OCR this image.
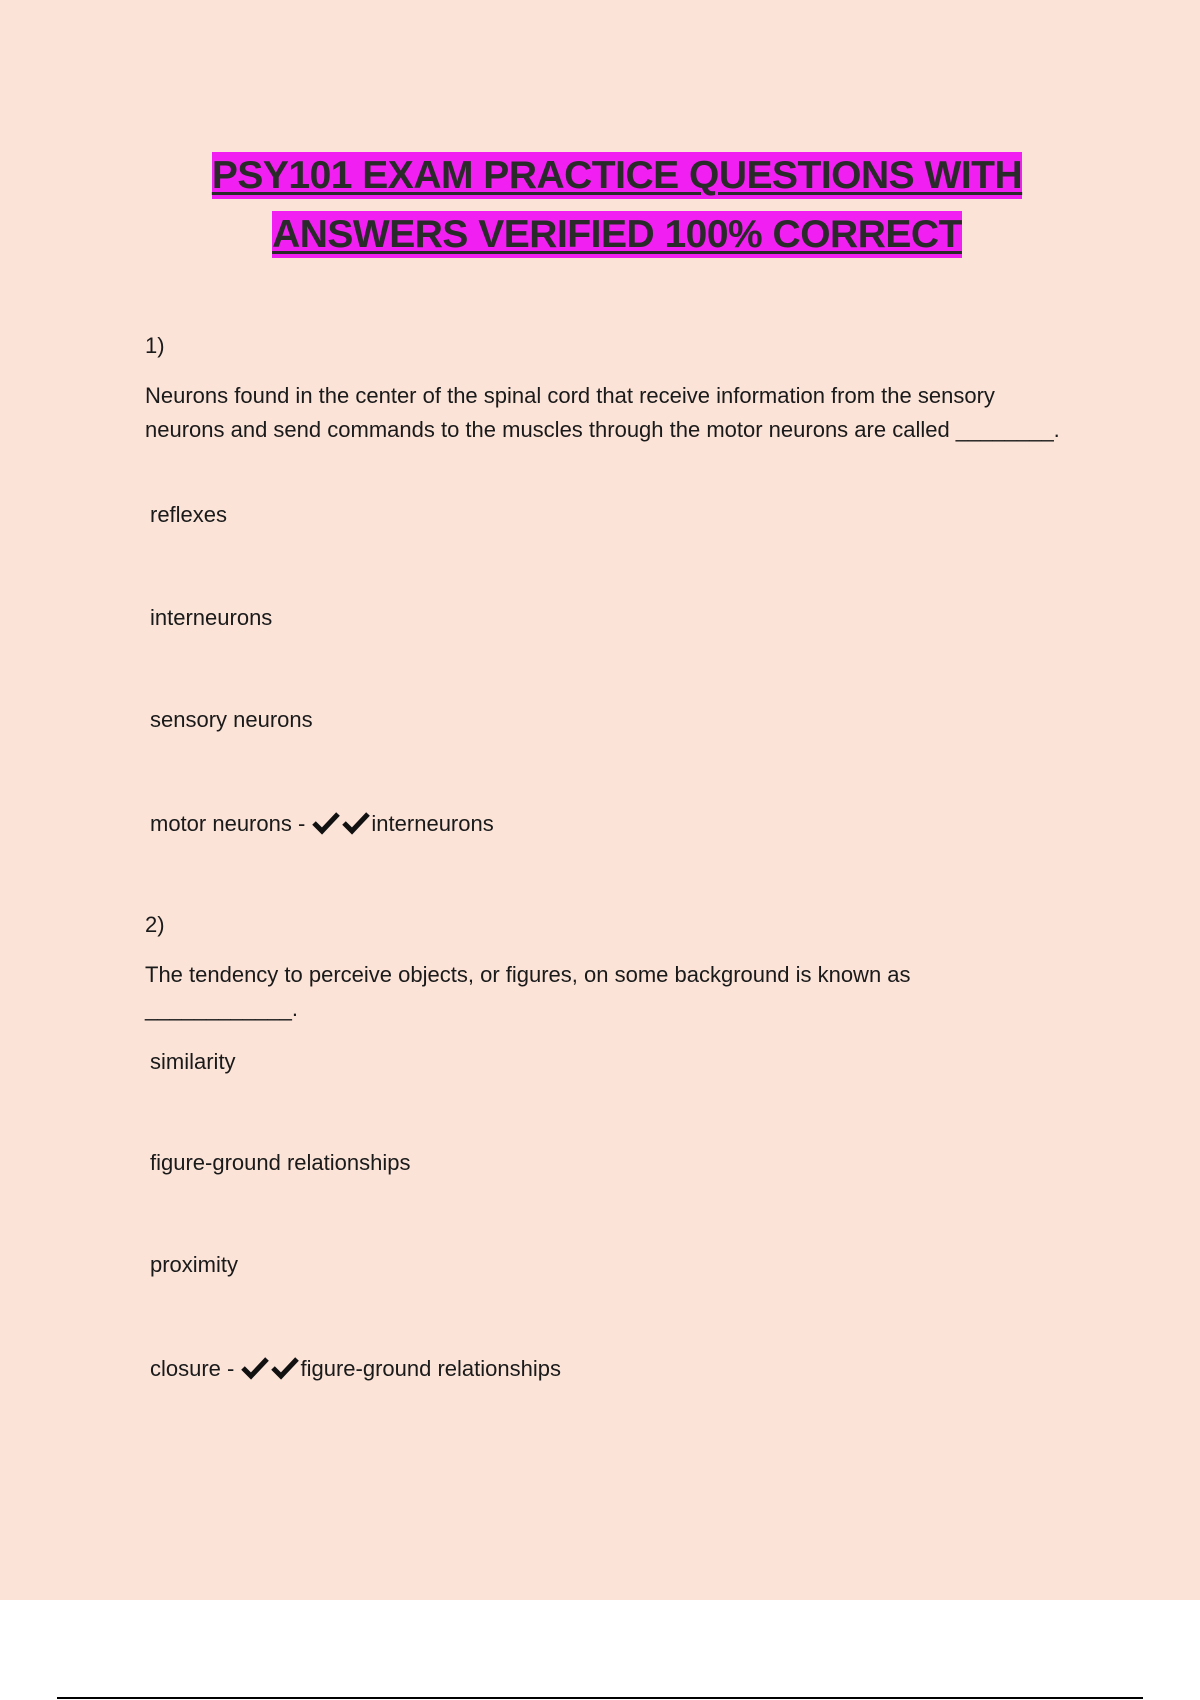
PSY101 EXAM PRACTICE QUESTIONS WITH
ANSWERS VERIFIED 100% CORRECT

1)

Neurons found in the center of the spinal cord that receive information from the sensory neurons and send commands to the muscles through the motor neurons are called ________.

reflexes

interneurons

sensory neurons

motor neurons -	interneurons

2)

The tendency to perceive objects, or figures, on some background is known as ____________.

similarity

figure-ground relationships

proximity

closure -	figure-ground relationships
